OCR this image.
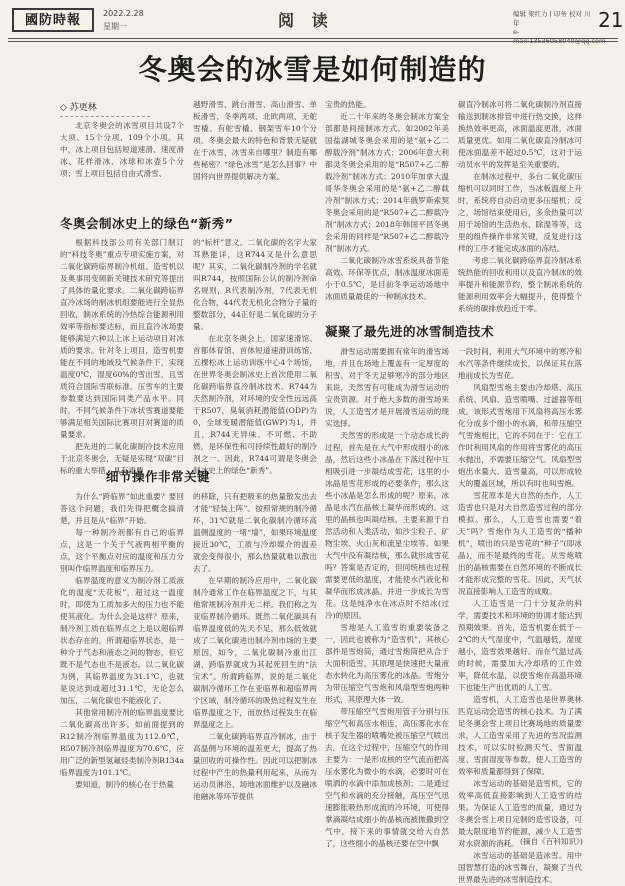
國防時報	2022.2.28
星期一	阅 读	编辑 梁红力 | 印务 校对 川年
e-mail:13536058040@qq.com
21
冬奥会的冰雪是如何制造的
◇ 苏更林

北京冬奥会的冰雪项目共设7个大项、15个分项、109个小项。其中，冰上项目包括短道速滑、速度滑冰、花样滑冰、冰球和冰壶5个分项；雪上项目包括自由式滑雪、

越野滑雪、跳台滑雪、高山滑雪、单板滑雪、冬季两项、北欧两项、无舵雪橇、有舵雪橇、钢架雪车10个分项。冬奥会最大的特色和背景无疑就在于冰雪，冰雪来自哪里？制造有哪些秘密？“绿色冰雪”是怎么回事？中国将向世界提供解决方案。

宝贵的热能。

近二十年来的冬奥会制冰方案全部都是间接制冰方式。如2002年美国盐湖城冬奥会采用的是“氨+乙二醇载冷剂”制冰方式；2006年意大利都灵冬奥会采用的是“R507+乙二醇载冷剂”制冰方式；2010年加拿大温哥华冬奥会采用的是“氨+乙二醇载冷剂”制冰方式；2014年俄罗斯索契冬奥会采用的是“R507+乙二醇载冷剂”制冰方式；2018年韩国平昌冬奥会采用的同样是“R507+乙二醇载冷剂”制冰方式。

二氧化碳制冷冰雪系统具备节能高效、环保等优点，制冰温度冰面差小于0.5℃，是目前冬季运动场地中冰面质量最佳的一种制冰技术。

碳直冷制冰可将二氧化碳制冷剂直接输送到制冰排管中进行热交换，这样换热效率更高，冰面温度更准，冰面质量更优。如用二氧化碳直冷制冰可使冰面温差不超过0.5℃，这对于运动员水平的发挥是至关重要的。

在制冰过程中，多台二氧化碳压缩机可以同时工作，当冰板温度上升时，系统将自动启动更多压缩机；反之，场馆结束使用后，多余热量可以用于场馆的生活热水、除湿等等，这里的组件操作非常关键，反复进行这样的工序才能完成冰面的冻结。

考虑二氧化碳跨临界直冷制冰系统热能的回收利用以及直冷制冰的效率提升和能源节约，整个制冰系统的能源利用效率会大幅提升，使得整个系统的碳排放趋近于零。

冬奥会制冰史上的绿色“新秀”

根据科技部公司有关部门制订的“科技冬奥”重点专项实施方案，对二氧化碳跨临界制冷机组、造雪机以及奥事用变频新关键技术研究等提出了具体的量化要求。二氧化碳跨临界直冷冰场的制冰机组要能进行全显热回收，制冰系统的冷热综合能源利用效率等指标要达标，而且直冷冰场要能够满足六种以上冰上运动项目对冰质的要求。针对冬上项目，造雪机要能在不同的地域及气候条件下，实现温度0℃，湿度60%的雪出雪，且雪质符合国际雪联标准。压雪车的主要参数要达到国际同类产品水平。同时，不同气候条件下冰状雪赛道要能够满足相关国际比赛项目对赛道的质量要求。

把先进的二氧化碳制冷技术应用于北京冬奥会，无疑是实现“双碳”目标的重大举措，具有重要

的“标杆”意义。二氧化碳的名字大家耳熟能详，这R744又是什么意思呢？其实，二氧化碳制冷剂的学名就叫R744，按照国际公认的制冷剂命名规则，R代表制冷剂，7代表无机化合物，44代表无机化合物分子量的整数部分，44正好是二氧化碳的分子量。

在北京冬奥会上，国家速滑馆、首都体育馆、首体短道速滑训练馆、五棵松冰上运动训练中心4个场馆，在世界冬奥会制冰史上首次使用二氧化碳跨临界直冷制冰技术。R744为天然制冷剂，对环境的安全性远远高于R507，臭氧消耗潜能值(ODP)为0，全球变暖潜能值(GWP)为1，并且，R744无异味、不可燃、不助燃，是环保性和可持续性最好的制冷剂之一。因此，R744可谓是冬奥会制冰史上的绿色“新秀”。

凝聚了最先进的冰雪制造技术

滑雪运动需要拥有常年的滑雪场地，并且在场地上覆盖有一定厚度的积雪。对于冬天足够寒冷的部分地区来说，天然雪有可能成为滑雪运动的宝贵资源。对于绝大多数的滑雪场来说，人工造雪才是开展滑雪运动的现实选择。

天然雪的形成是一个动态成长的过程，首先是在大气中形成细小的冰晶，然后这些小冰晶在下落过程中互相吸引进一步凝结成雪花，这里的小冰晶是雪花形成的必要条件，那么这些小冰晶是怎么形成的呢？原来，冰晶是水汽在晶核上凝华而形成的。这里的晶核也叫凝结核，主要来源于自然活动和人类活动，如沙尘粒子、矿物尘埃、火山灰和流星尘埃等。如果大气中没有凝结核，那么就形成雪花吗？答案是否定的，但同统核也过程需要更低的温度，才能使水汽液化和凝华而形成冰晶。并进一步成长为雪花。这是纯净水在冰点时不结冰(过冷)的原因。

雪地是人工造雪的重要装备之一，因此也被称为“造雪机”，其核心部件是雪炮筒，通过雪炮筒把从合于大面积造雪，其原理是快速把大量液态水转化为高压雾化的冰晶。雪炮分为带压缩空气雪炮和风扇型雪炮两种形式，其原理大体一致。

带压缩空气雪炮用管子分别与压缩空气和高压水相连，高压雾化水在核子发生器的喷嘴处被压缩空气喷出去，在这个过程中，压缩空气的作用主要为：一是形成核的空气流而把高压水雾化为微小的水滴，必要时可在喷洒的水滴中添加成核剂；二是通过空气和水滴的充分接触，高压空气迅速膨胀吸热形成流的冷环境，可使得掌滴凝结成细小的晶核而被抛撒到空气中，接下来的事情就交给大自然了，这些细小的晶核还要在空中飘

一段时间，利用大气环境中的寒冷和水汽等条件继续成长，以保证其在落地前成长为雪花。

风扇型雪炮主要由冷却塔、高压系统、风扇、造雪喷嘴、过滤器等组成，该形式雪炮用下风扇将高压水雾化分成多个细小的水滴，和带压缩空气雪炮相比，它的不同在于：它在工作时利用风扇的作用将雪雾化的高压水抛出，不需要压缩空气。风扇型雪炮出水量大、造雪量高，可以形成较大的覆盖区域，所以有时也叫雪炮。

雪花原本是大自然的杰作，人工造雪也只是对大自然造雪过程的部分模拟。那么，人工造雪也需要“着天”吗？雪炮作为人工造雪的“播种机”，喷出的只是雪花的“种子”(即冰晶)，而不是最终的雪花。从雪炮喷出的晶核需要在自然环境的不断成长才能形成完整的雪花。因此，天气状况直接影响人工造雪的成败。

人工造雪是一门十分复杂的科学，需要技术和环境的协调才能达到预期效果。首先，造雪机要在低于－2℃的大气湿度中，气温越低，湿度越小，造雪效果越好。而在气温过高的时候，需要加大冷却塔的工作效率，降低水温，以使雪炮在高温环境下也能生产出优质的人工雪。

造雪机，人工造雪也是世界奥林匹克运动会造雪的核心技术。为了满足冬奥会雪上项目比赛场地的质量要求，人工造雪采用了先进的雪况监测技术，可以实时检测天气、雪面温度、雪面湿度等参数，使人工造雪的效率和质量都得到了保障。

冰雪运动的基础是造雪机，它的效率高低直接影响到人工造雪的结果。为保证人工造雪的质量，通过为冬奥会雪上项目定制的造雪设备，可最大限度地节约能源，减少人工造雪对水资源的消耗。

冰雪运动的基础是造冰雪。用中国智慧打造的冰雪舞台，凝聚了当代世界最先进的冰雪制造技术。

(摘自《百科知识》)
细节操作非常关键

为什么“跨临界”如此重要？要回答这个问题，我们先得把概念搞清楚，并且是从“临界”开始。

每一种制冷剂都有自己的临界点，这是一个关于气液两相平衡的点，这个平衡点对应的温度和压力分别叫作临界温度和临界压力。

临界温度的意义为制冷剂工质液化的温度“天花板”，超过这一温度时，即使为工质加多大的压力也不能使其液化。为什么会是这样？原来，制冷剂工质在临界点之上是以超临界状态存在的，所谓超临界状态，是一种介于气态和液态之间的物态，但它既不是气态也不是液态。以二氧化碳为例，其临界温度为31.1℃，也就是说达到或超过31.1℃，无论怎么加压，二氧化碳也不能液化了。

其他常用制冷剂的临界温度要比二氧化碳高出许多。如前面提到的R12制冷剂临界温度为112.0℃，R507制冷剂临界温度为70.6℃，应用广泛的新型氢氟烃类制冷剂R134a临界温度为101.1℃。

要知道，制冷的核心在于热量

的移除，只有把吸来的热量散发出去才能“轻装上阵”。按照常规的制冷循环，31℃就是二氧化碳制冷循环高温侧温度的一堵“墙”，如果环境温度接近30℃，工质与冷却媒介的温差就会变得很小，那么热量就难以散出去了。

在早期的制冷应用中，二氧化碳制冷通常工作在临界温度之下，与其他常规制冷剂并无二样。我们称之为亚临界制冷循环。既然二氧化碳具有临界温度低的先天不足，那么低效就成了二氧化碳进出制冷剂市场的主要原因，如今，二氧化碳制冷重出江湖，跨临界就成为其起死回生的“法宝术”。所谓跨临界，说的是二氧化碳制冷循环工作在亚临界和超临界两个区域，制冷循环的吸热过程发生在临界温度之下，而放热过程发生在临界温度之上。

二氧化碳跨临界直冷制冰，由于高温侧与环境的温差更大，提高了热量回收的可操作性。因此可以把制冰过程中产生的热量利用起来，从而为运动员淋浴、场地冰面维护以及融冰池融冰等环节提供
